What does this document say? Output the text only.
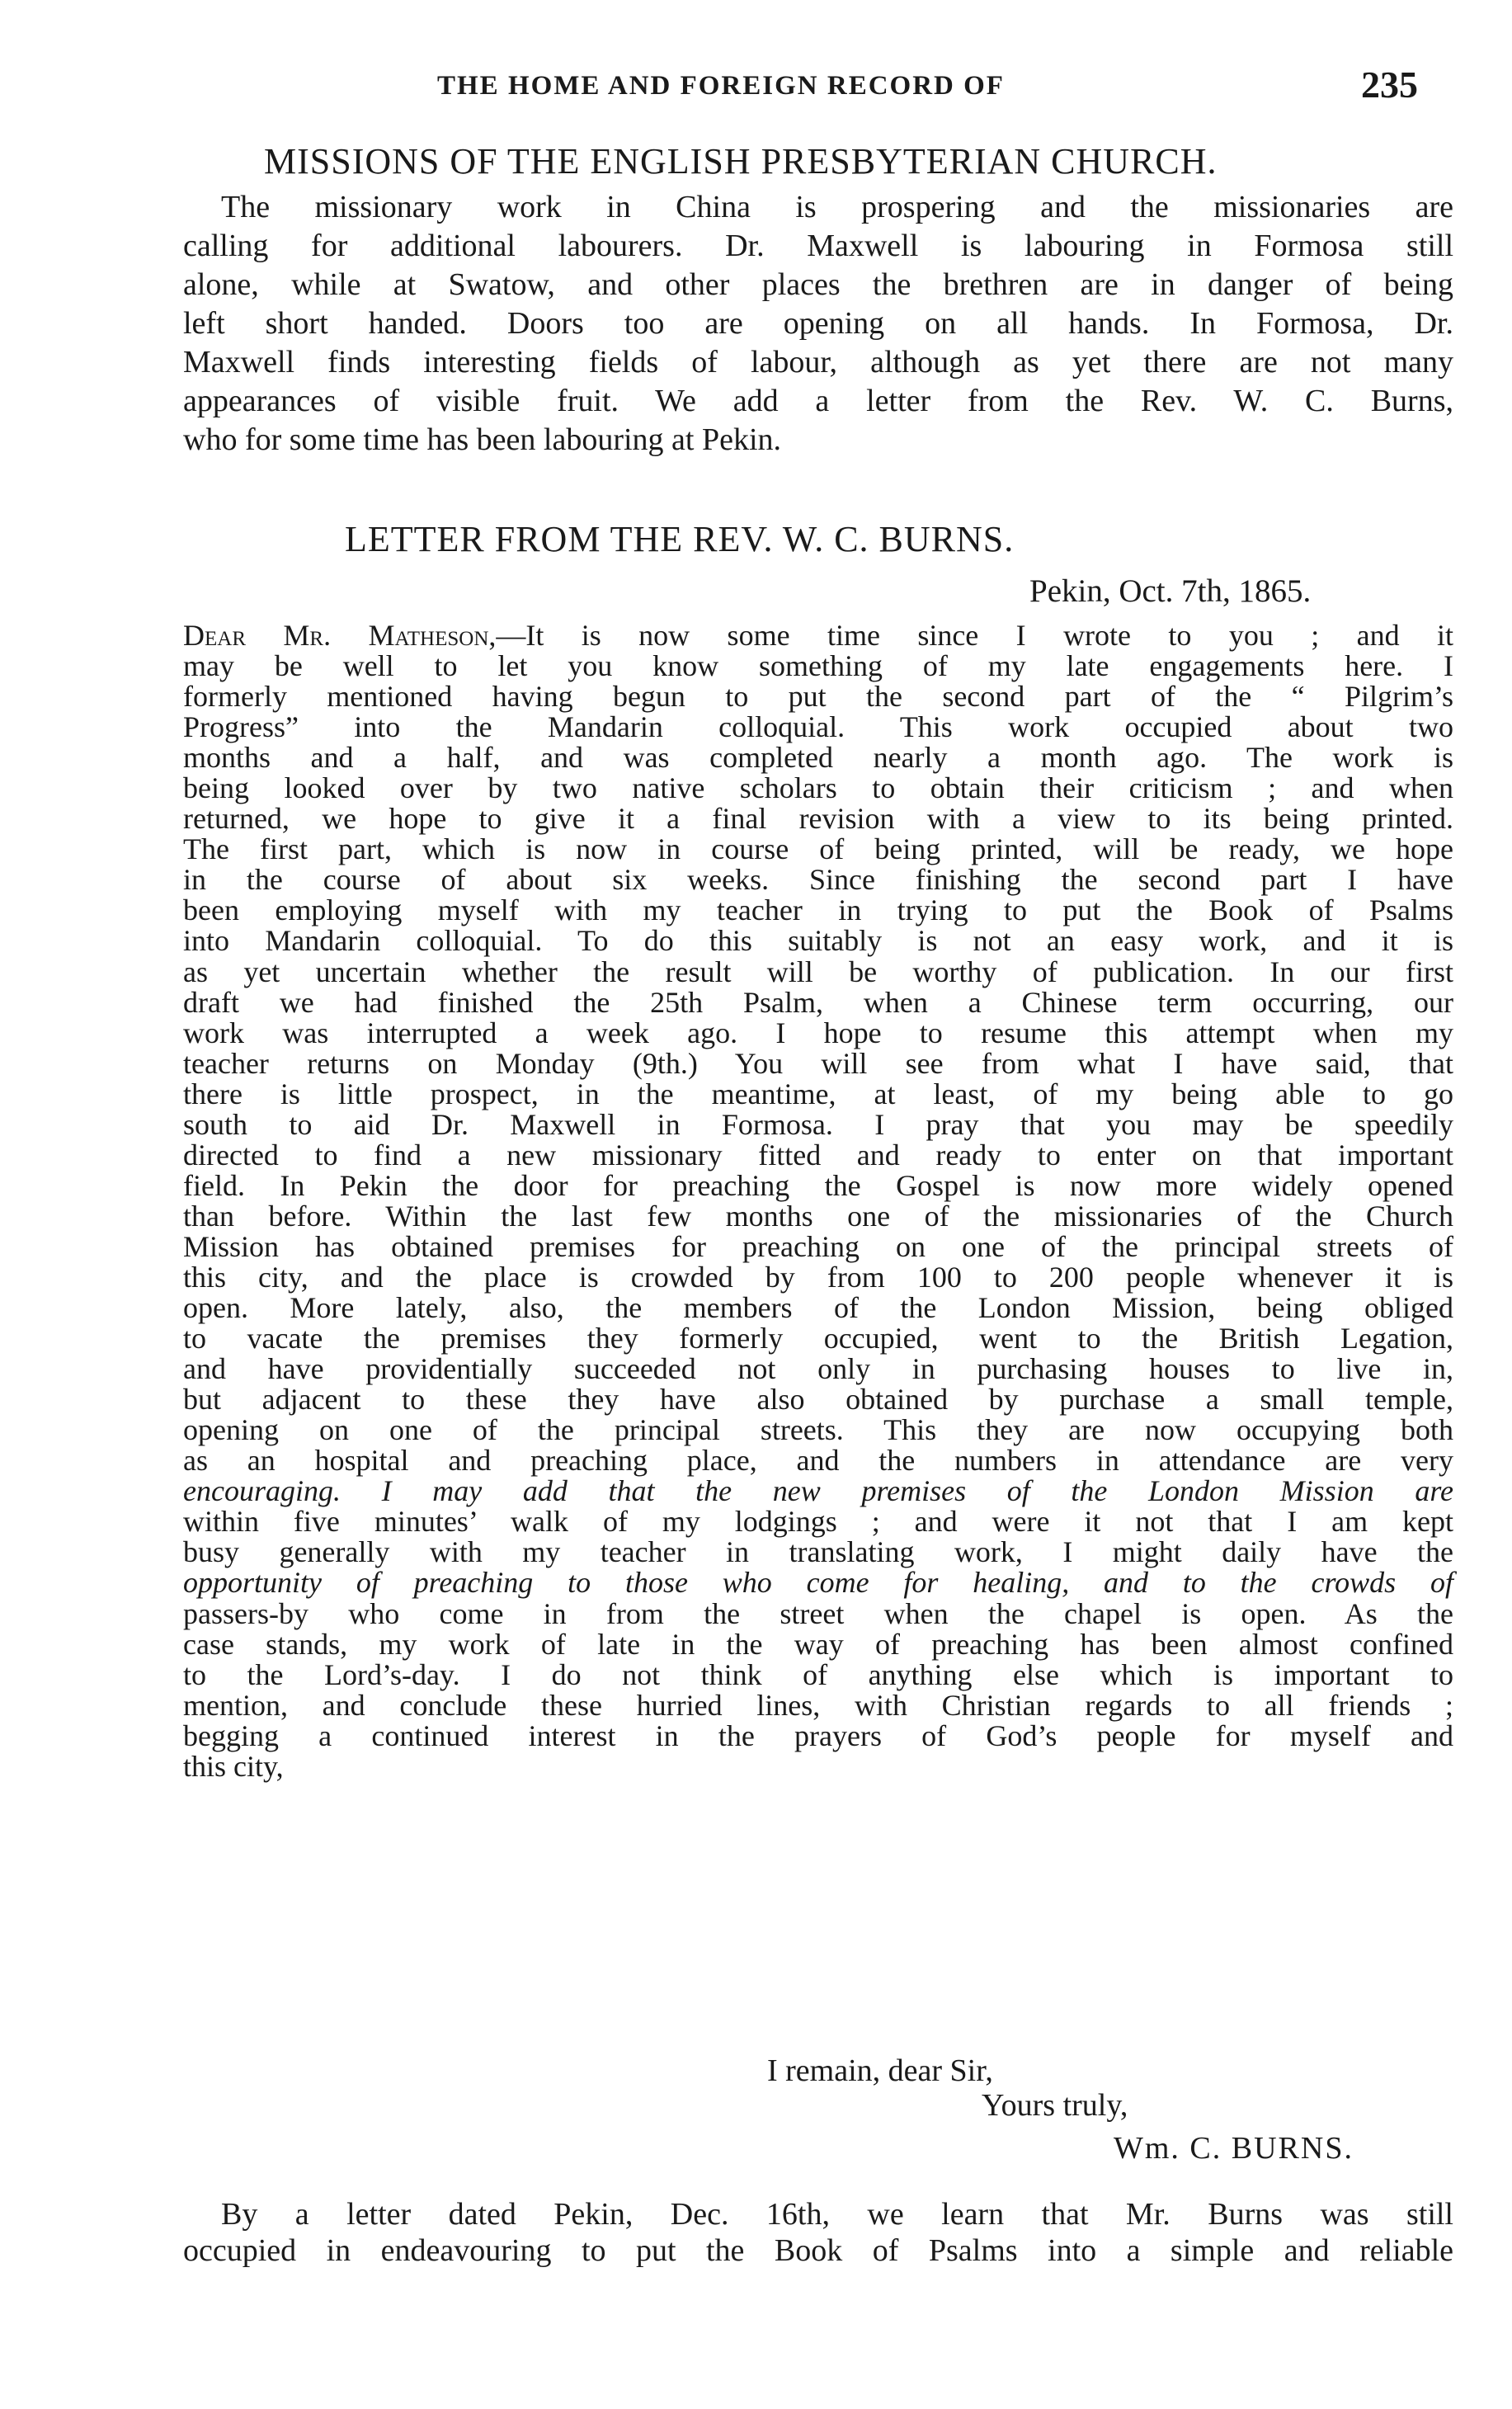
THE HOME AND FOREIGN RECORD OF	235
MISSIONS OF THE ENGLISH PRESBYTERIAN CHURCH.
The missionary work in China is prospering and the missionaries are
calling for additional labourers. Dr. Maxwell is labouring in Formosa still
alone, while at Swatow, and other places the brethren are in danger of being
left short handed. Doors too are opening on all hands. In Formosa, Dr.
Maxwell finds interesting fields of labour, although as yet there are not many
appearances of visible fruit. We add a letter from the Rev. W. C. Burns,
who for some time has been labouring at Pekin.
LETTER FROM THE REV. W. C. BURNS.
Pekin, Oct. 7th, 1865.
Dear Mr. Matheson,—It is now some time since I wrote to you ; and it
may be well to let you know something of my late engagements here. I
formerly mentioned having begun to put the second part of the “ Pilgrim’s
Progress” into the Mandarin colloquial. This work occupied about two
months and a half, and was completed nearly a month ago. The work is
being looked over by two native scholars to obtain their criticism ; and when
returned, we hope to give it a final revision with a view to its being printed.
The first part, which is now in course of being printed, will be ready, we hope
in the course of about six weeks. Since finishing the second part I have
been employing myself with my teacher in trying to put the Book of Psalms
into Mandarin colloquial. To do this suitably is not an easy work, and it is
as yet uncertain whether the result will be worthy of publication. In our first
draft we had finished the 25th Psalm, when a Chinese term occurring, our
work was interrupted a week ago. I hope to resume this attempt when my
teacher returns on Monday (9th.) You will see from what I have said, that
there is little prospect, in the meantime, at least, of my being able to go
south to aid Dr. Maxwell in Formosa. I pray that you may be speedily
directed to find a new missionary fitted and ready to enter on that important
field. In Pekin the door for preaching the Gospel is now more widely opened
than before. Within the last few months one of the missionaries of the Church
Mission has obtained premises for preaching on one of the principal streets of
this city, and the place is crowded by from 100 to 200 people whenever it is
open. More lately, also, the members of the London Mission, being obliged
to vacate the premises they formerly occupied, went to the British Legation,
and have providentially succeeded not only in purchasing houses to live in,
but adjacent to these they have also obtained by purchase a small temple,
opening on one of the principal streets. This they are now occupying both
as an hospital and preaching place, and the numbers in attendance are very
encouraging. I may add that the new premises of the London Mission are
within five minutes’ walk of my lodgings ; and were it not that I am kept
busy generally with my teacher in translating work, I might daily have the
opportunity of preaching to those who come for healing, and to the crowds of
passers-by who come in from the street when the chapel is open. As the
case stands, my work of late in the way of preaching has been almost confined
to the Lord’s-day. I do not think of anything else which is important to
mention, and conclude these hurried lines, with Christian regards to all friends ;
begging a continued interest in the prayers of God’s people for myself and
this city,
I remain, dear Sir,
Yours truly,
Wm. C. BURNS.
By a letter dated Pekin, Dec. 16th, we learn that Mr. Burns was still
occupied in endeavouring to put the Book of Psalms into a simple and reliable
